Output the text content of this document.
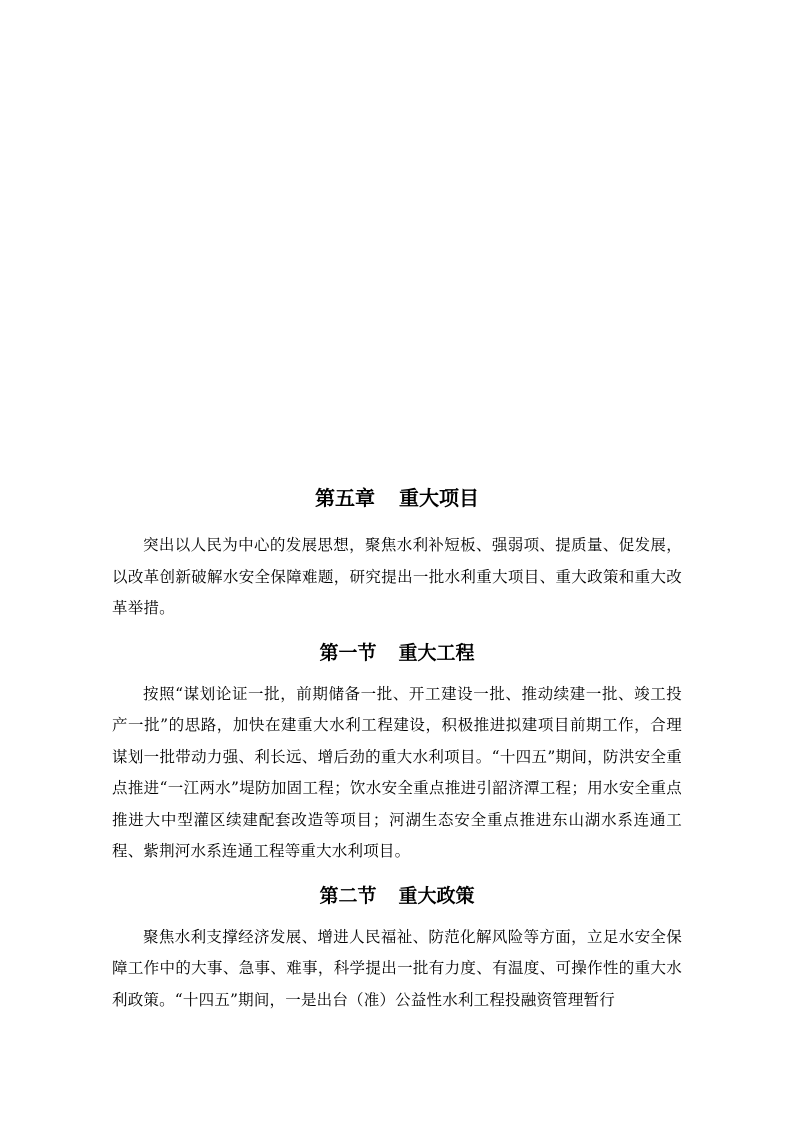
第五章 重大项目

突出以人民为中心的发展思想，聚焦水利补短板、强弱项、提质量、促发展，以改革创新破解水安全保障难题，研究提出一批水利重大项目、重大政策和重大改革举措。

第一节 重大工程

按照“谋划论证一批，前期储备一批、开工建设一批、推动续建一批、竣工投产一批”的思路，加快在建重大水利工程建设，积极推进拟建项目前期工作，合理谋划一批带动力强、利长远、增后劲的重大水利项目。“十四五”期间，防洪安全重点推进“一江两水”堤防加固工程；饮水安全重点推进引韶济潭工程；用水安全重点推进大中型灌区续建配套改造等项目；河湖生态安全重点推进东山湖水系连通工程、紫荆河水系连通工程等重大水利项目。

第二节 重大政策

聚焦水利支撑经济发展、增进人民福祉、防范化解风险等方面，立足水安全保障工作中的大事、急事、难事，科学提出一批有力度、有温度、可操作性的重大水利政策。“十四五”期间，一是出台（准）公益性水利工程投融资管理暂行
